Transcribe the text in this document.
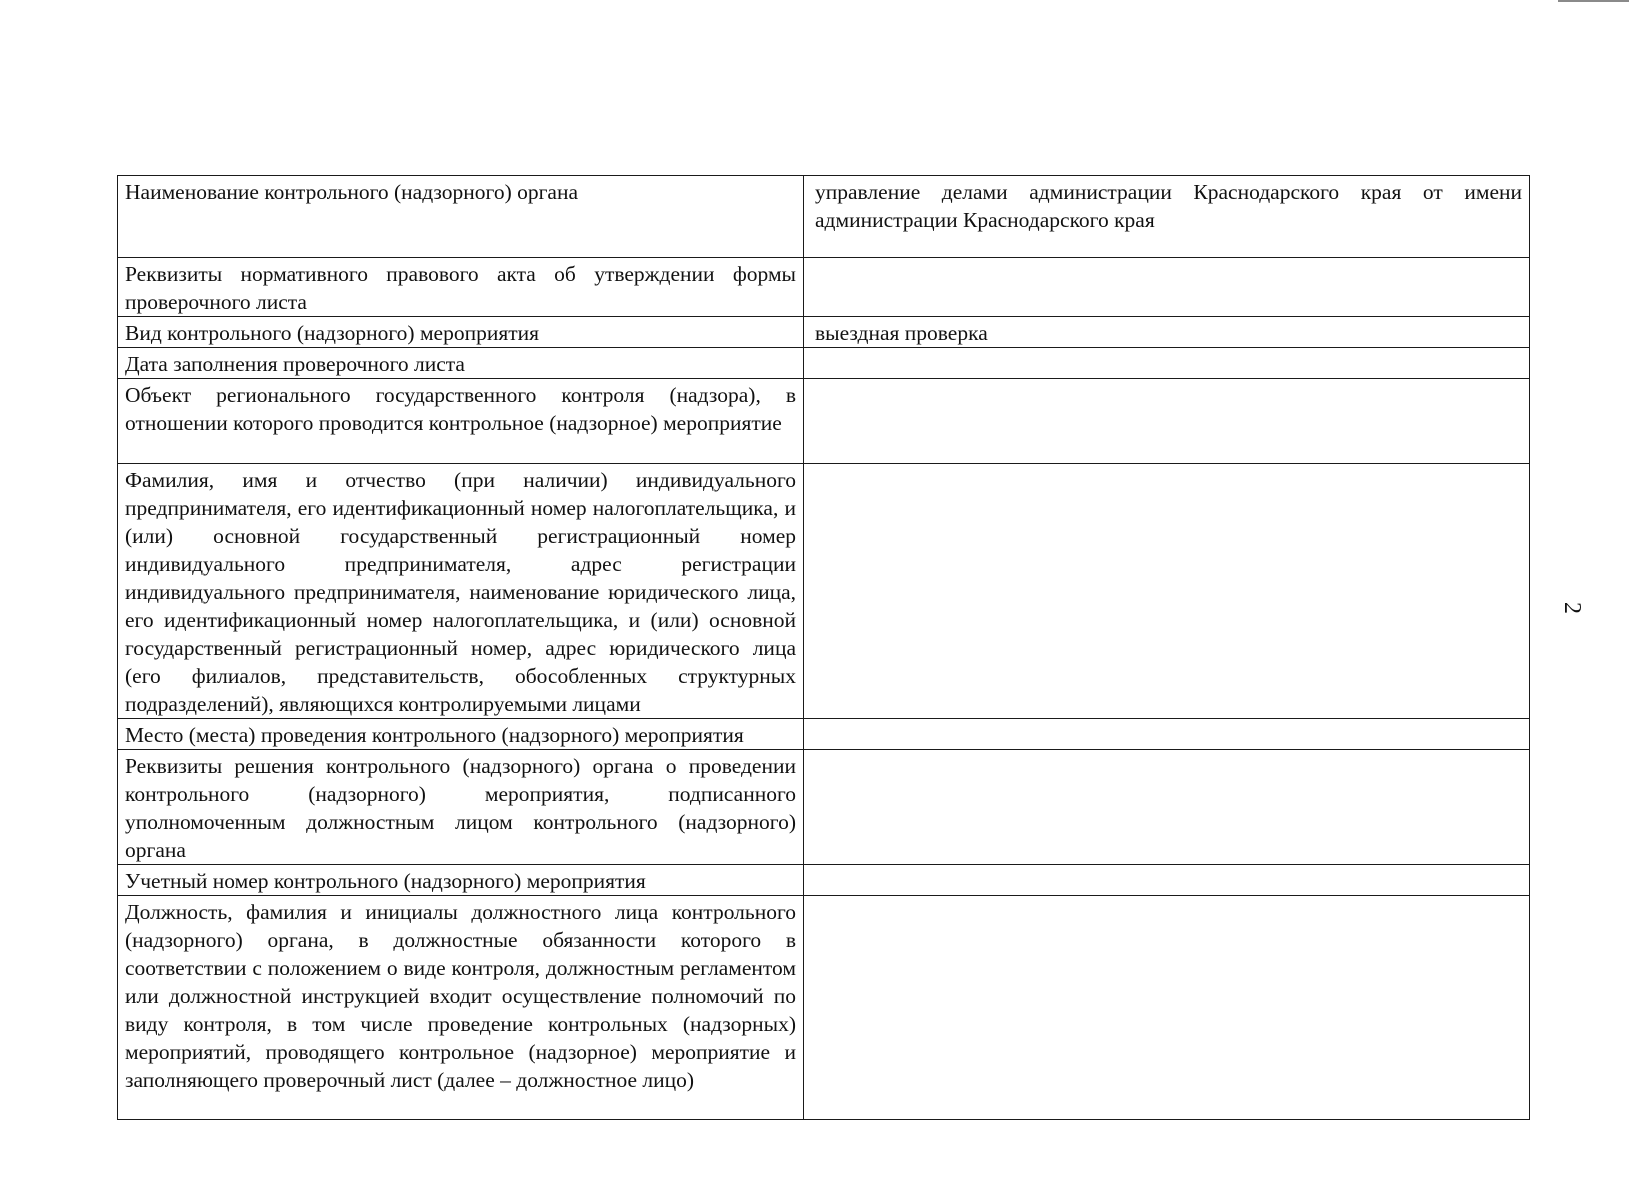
Наименование контрольного (надзорного) органа	управление делами администрации Краснодарского края от имени администрации Краснодарского края
Реквизиты нормативного правового акта об утверждении формы проверочного листа	
Вид контрольного (надзорного) мероприятия	выездная проверка
Дата заполнения проверочного листа	
Объект регионального государственного контроля (надзора), в отношении которого проводится контрольное (надзорное) мероприятие	
Фамилия, имя и отчество (при наличии) индивидуального предпринимателя, его идентификационный номер налогоплательщика, и (или) основной государственный регистрационный номер индивидуального предпринимателя, адрес регистрации индивидуального предпринимателя, наименование юридического лица, его идентификационный номер налогоплательщика, и (или) основной государственный регистрационный номер, адрес юридического лица (его филиалов, представительств, обособленных структурных подразделений), являющихся контролируемыми лицами	
Место (места) проведения контрольного (надзорного) мероприятия	
Реквизиты решения контрольного (надзорного) органа о проведении контрольного (надзорного) мероприятия, подписанного уполномоченным должностным лицом контрольного (надзорного) органа	
Учетный номер контрольного (надзорного) мероприятия	
Должность, фамилия и инициалы должностного лица контрольного (надзорного) органа, в должностные обязанности которого в соответствии с положением о виде контроля, должностным регламентом или должностной инструкцией входит осуществление полномочий по виду контроля, в том числе проведение контрольных (надзорных) мероприятий, проводящего контрольное (надзорное) мероприятие и заполняющего проверочный лист (далее – должностное лицо)	
2
